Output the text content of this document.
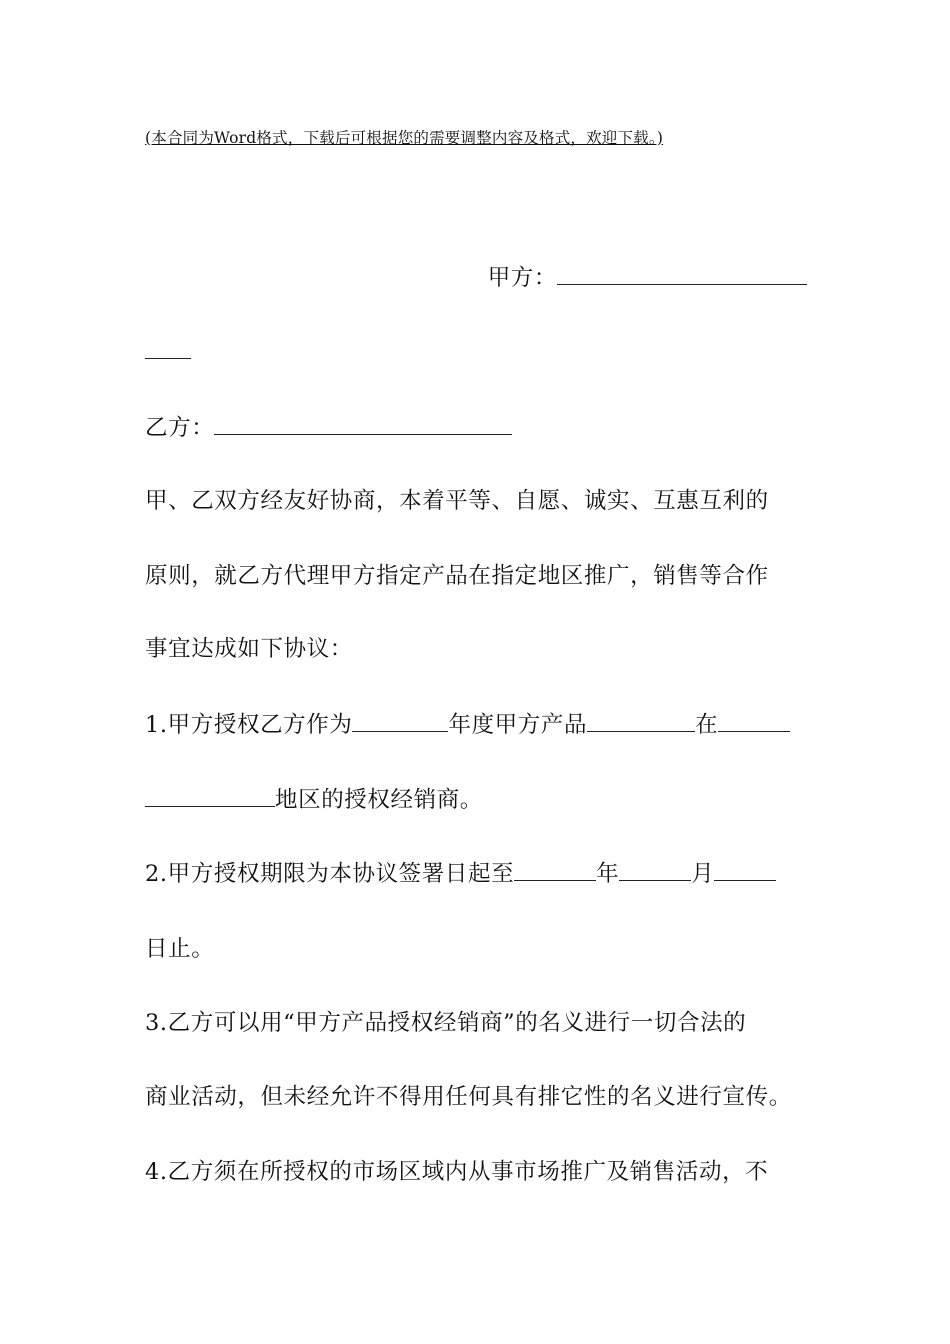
(本合同为Word格式，下载后可根据您的需要调整内容及格式，欢迎下载。)
甲方：
乙方：
甲、乙双方经友好协商，本着平等、自愿、诚实、互惠互利的
原则，就乙方代理甲方指定产品在指定地区推广，销售等合作
事宜达成如下协议：
1.甲方授权乙方作为	年度甲方产品	在
地区的授权经销商。
2.甲方授权期限为本协议签署日起至	年	月
日止。
3.乙方可以用“甲方产品授权经销商”的名义进行一切合法的
商业活动，但未经允许不得用任何具有排它性的名义进行宣传。
4.乙方须在所授权的市场区域内从事市场推广及销售活动，不
